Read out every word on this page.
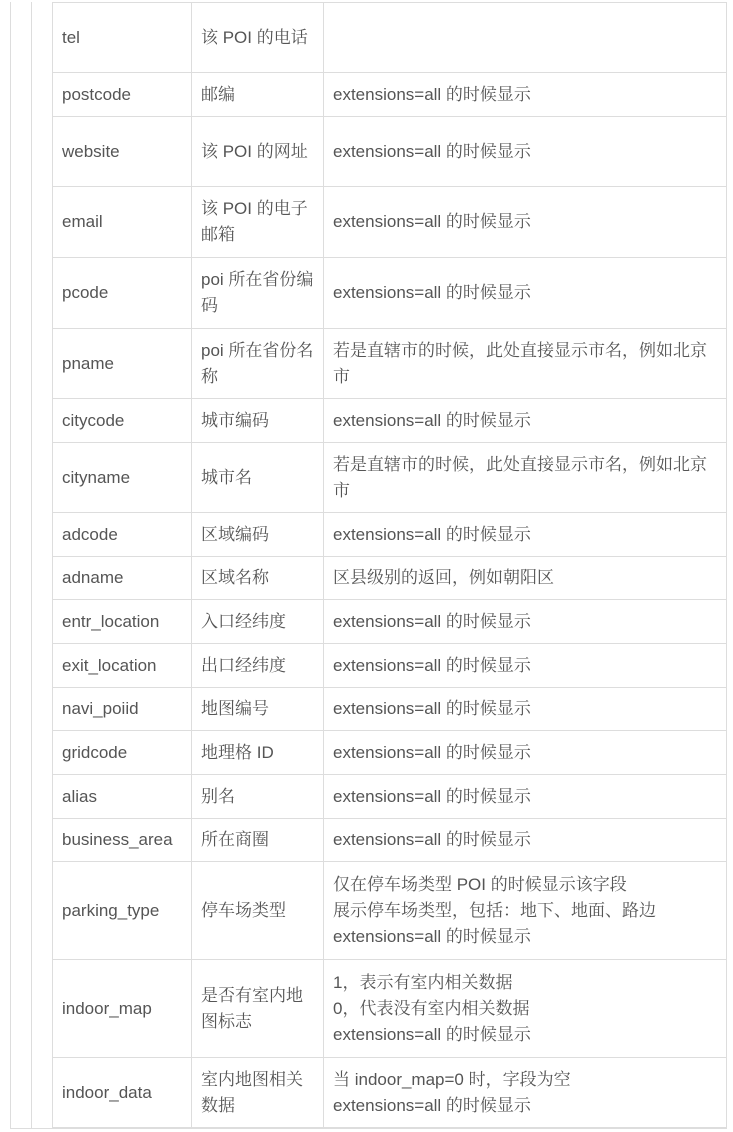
tel	该 POI 的电话	
postcode	邮编	extensions=all 的时候显示

website	该 POI 的网址	extensions=all 的时候显示

email	该 POI 的电子邮箱	extensions=all 的时候显示

pcode	poi 所在省份编码	extensions=all 的时候显示

pname	poi 所在省份名称	若是直辖市的时候，此处直接显示市名，例如北京市

citycode	城市编码	extensions=all 的时候显示

cityname	城市名	若是直辖市的时候，此处直接显示市名，例如北京市

adcode	区域编码	extensions=all 的时候显示

adname	区域名称	区县级别的返回，例如朝阳区

entr_location	入口经纬度	extensions=all 的时候显示

exit_location	出口经纬度	extensions=all 的时候显示

navi_poiid	地图编号	extensions=all 的时候显示

gridcode	地理格 ID	extensions=all 的时候显示

alias	别名	extensions=all 的时候显示

business_area	所在商圈	extensions=all 的时候显示

parking_type	停车场类型	仅在停车场类型 POI 的时候显示该字段
展示停车场类型，包括：地下、地面、路边
extensions=all 的时候显示

indoor_map	是否有室内地图标志	1，表示有室内相关数据
0，代表没有室内相关数据
extensions=all 的时候显示

indoor_data	室内地图相关数据	当 indoor_map=0 时，字段为空
extensions=all 的时候显示
